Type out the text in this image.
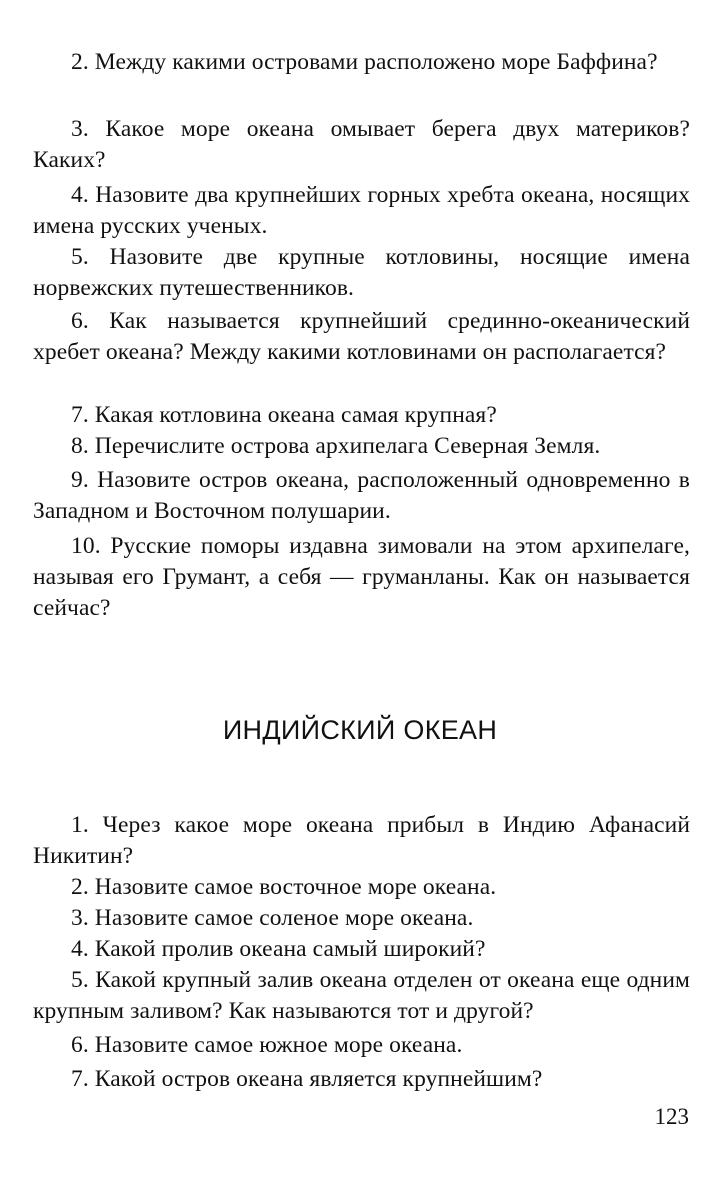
2. Между какими островами расположено море Баффина?

3. Какое море океана омывает берега двух материков? Каких?

4. Назовите два крупнейших горных хребта океана, носящих имена русских ученых.

5. Назовите две крупные котловины, носящие имена норвежских путешественников.

6. Как называется крупнейший срединно-океанический хребет океана? Между какими котловинами он располагается?

7. Какая котловина океана самая крупная?

8. Перечислите острова архипелага Северная Земля.

9. Назовите остров океана, расположенный одновременно в Западном и Восточном полушарии.

10. Русские поморы издавна зимовали на этом архипелаге, называя его Грумант, а себя — груманланы. Как он называется сейчас?

ИНДИЙСКИЙ ОКЕАН

1. Через какое море океана прибыл в Индию Афанасий Никитин?

2. Назовите самое восточное море океана.

3. Назовите самое соленое море океана.

4. Какой пролив океана самый широкий?

5. Какой крупный залив океана отделен от океана еще одним крупным заливом? Как называются тот и другой?

6. Назовите самое южное море океана.

7. Какой остров океана является крупнейшим?

123
